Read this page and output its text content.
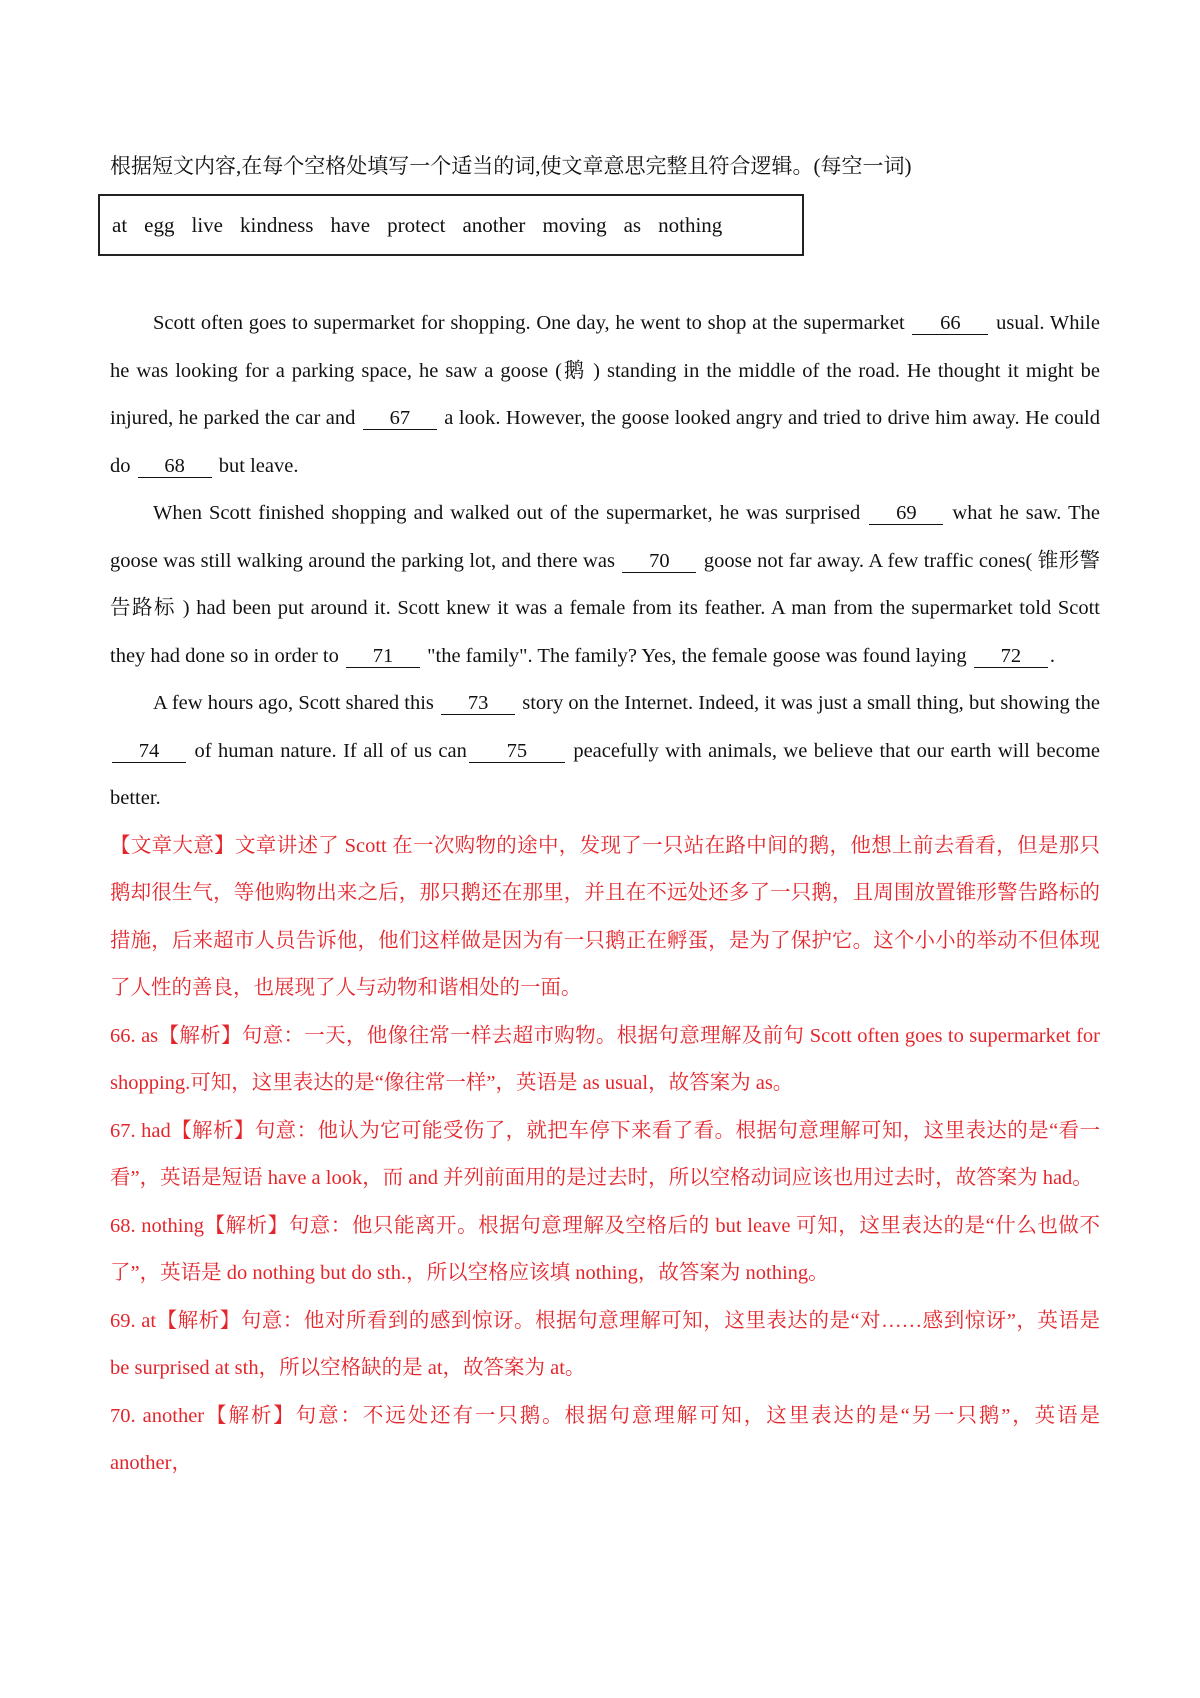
根据短文内容,在每个空格处填写一个适当的词,使文章意思完整且符合逻辑。(每空一词)

at egg live kindness have protect another moving as nothing

Scott often goes to supermarket for shopping. One day, he went to shop at the supermarket 66 usual. While he was looking for a parking space, he saw a goose (鹅 ) standing in the middle of the road. He thought it might be injured, he parked the car and 67 a look. However, the goose looked angry and tried to drive him away. He could do 68 but leave.

When Scott finished shopping and walked out of the supermarket, he was surprised 69 what he saw. The goose was still walking around the parking lot, and there was 70 goose not far away. A few traffic cones( 锥形警告路标 ) had been put around it. Scott knew it was a female from its feather. A man from the supermarket told Scott they had done so in order to 71 "the family". The family? Yes, the female goose was found laying 72 .

A few hours ago, Scott shared this 73 story on the Internet. Indeed, it was just a small thing, but showing the 74 of human nature. If all of us can 75 peacefully with animals, we believe that our earth will become better.

【文章大意】文章讲述了 Scott 在一次购物的途中，发现了一只站在路中间的鹅，他想上前去看看，但是那只鹅却很生气，等他购物出来之后，那只鹅还在那里，并且在不远处还多了一只鹅，且周围放置锥形警告路标的措施，后来超市人员告诉他，他们这样做是因为有一只鹅正在孵蛋，是为了保护它。这个小小的举动不但体现了人性的善良，也展现了人与动物和谐相处的一面。

66. as【解析】句意：一天，他像往常一样去超市购物。根据句意理解及前句 Scott often goes to supermarket for shopping.可知，这里表达的是“像往常一样”，英语是 as usual，故答案为 as。

67. had【解析】句意：他认为它可能受伤了，就把车停下来看了看。根据句意理解可知，这里表达的是“看一看”，英语是短语 have a look，而 and 并列前面用的是过去时，所以空格动词应该也用过去时，故答案为 had。

68. nothing【解析】句意：他只能离开。根据句意理解及空格后的 but leave 可知，这里表达的是“什么也做不了”，英语是 do nothing but do sth.，所以空格应该填 nothing，故答案为 nothing。

69. at【解析】句意：他对所看到的感到惊讶。根据句意理解可知，这里表达的是“对……感到惊讶”，英语是 be surprised at sth，所以空格缺的是 at，故答案为 at。

70. another【解析】句意：不远处还有一只鹅。根据句意理解可知，这里表达的是“另一只鹅”，英语是 another，
